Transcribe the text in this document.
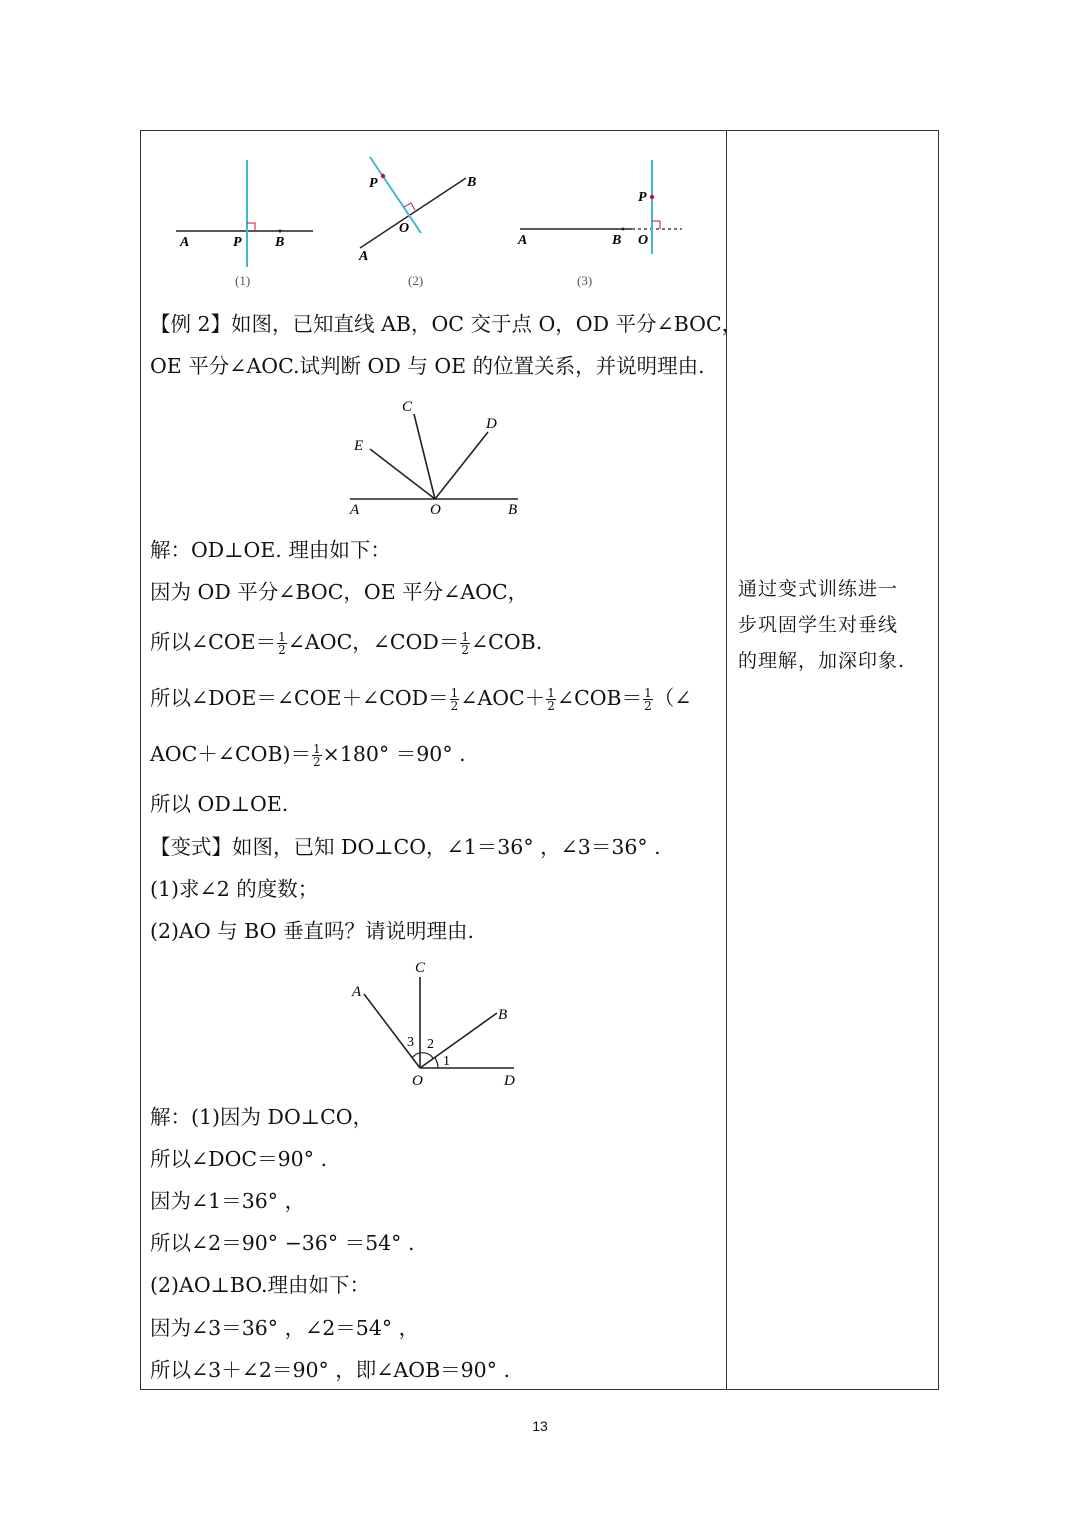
A	P B
(1)
P	B
O
A
(2)
A	B O
P
(3)
【例 2】如图，已知直线 AB，OC 交于点 O，OD 平分∠BOC，
OE 平分∠AOC.试判断 OD 与 OE 的位置关系，并说明理由.
C
D
E
A	O	B
解：OD⊥OE. 理由如下：
因为 OD 平分∠BOC，OE 平分∠AOC，
所以∠COE＝ $\frac{1}{2}$ ∠AOC，∠COD＝ $\frac{1}{2}$ ∠COB.
所以∠DOE＝∠COE＋∠COD＝ $\frac{1}{2}$ ∠AOC＋ $\frac{1}{2}$ ∠COB＝ $\frac{1}{2}$ （∠
AOC＋∠COB)＝ $\frac{1}{2} \times 180^\circ =90^\circ$ .
所以 OD⊥OE.
【变式】如图，已知 DO⊥CO，∠1＝36° ，∠3＝36° .
(1)求∠2 的度数；
(2)AO 与 BO 垂直吗？请说明理由.
C
A
B
3 2
1
O	D
解：(1)因为 DO⊥CO，
所以∠DOC＝90° .
因为∠1＝36° ，
所以∠2＝90° −36° ＝54° .
(2)AO⊥BO.理由如下：
因为∠3＝36° ，∠2＝54° ，
所以∠3＋∠2＝90° ，即∠AOB＝90° .
通过变式训练进一
步巩固学生对垂线
的理解，加深印象.
13
